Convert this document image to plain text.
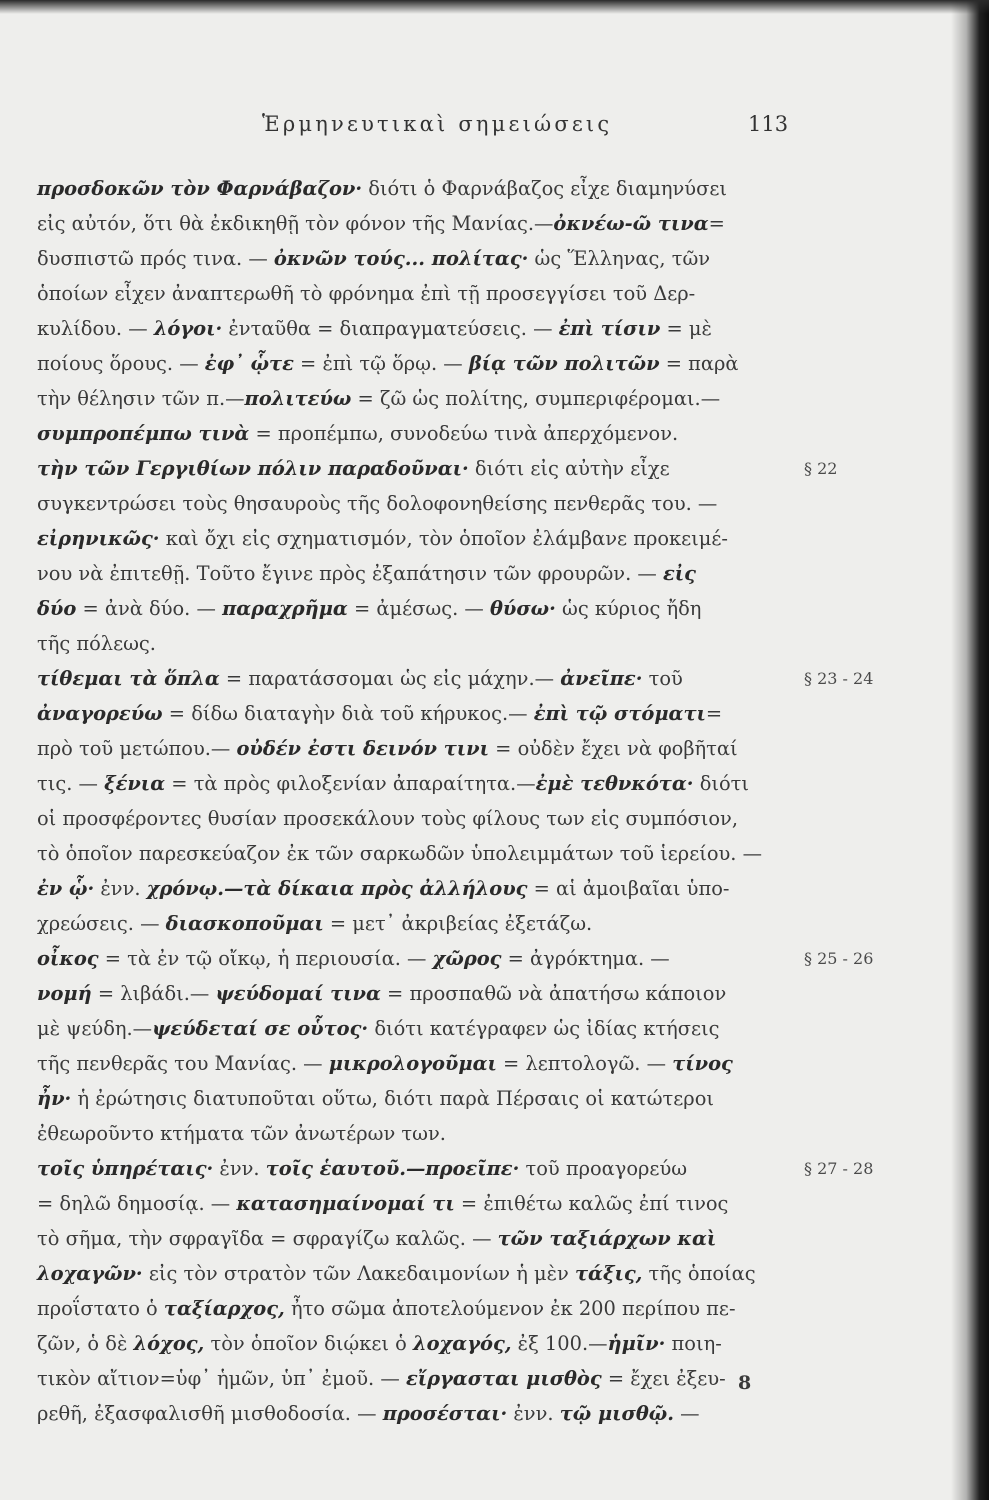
Ἑρμηνευτικαὶ σημειώσεις	113
προσδοκῶν τὸν Φαρνάβαζον· διότι ὁ Φαρνάβαζος εἶχε διαμηνύσει
εἰς αὐτόν, ὅτι θὰ ἐκδικηθῇ τὸν φόνον τῆς Μανίας.—ὀκνέω-ῶ τινα=
δυσπιστῶ πρός τινα. — ὀκνῶν τούς... πολίτας· ὡς Ἕλληνας, τῶν
ὁποίων εἶχεν ἀναπτερωθῆ τὸ φρόνημα ἐπὶ τῇ προσεγγίσει τοῦ Δερ-
κυλίδου. — λόγοι· ἐνταῦθα = διαπραγματεύσεις. — ἐπὶ τίσιν = μὲ
ποίους ὅρους. — ἐφ᾽ ᾧτε = ἐπὶ τῷ ὅρῳ. — βίᾳ τῶν πολιτῶν = παρὰ
τὴν θέλησιν τῶν π.—πολιτεύω = ζῶ ὡς πολίτης, συμπεριφέρομαι.—
συμπροπέμπω τινὰ = προπέμπω, συνοδεύω τινὰ ἀπερχόμενον.
τὴν τῶν Γεργιθίων πόλιν παραδοῦναι· διότι εἰς αὐτὴν εἶχε
συγκεντρώσει τοὺς θησαυροὺς τῆς δολοφονηθείσης πενθερᾶς του. —
εἰρηνικῶς· καὶ ὄχι εἰς σχηματισμόν, τὸν ὁποῖον ἐλάμβανε προκειμέ-
νου νὰ ἐπιτεθῇ. Τοῦτο ἔγινε πρὸς ἐξαπάτησιν τῶν φρουρῶν. — εἰς
δύο = ἀνὰ δύο. — παραχρῆμα = ἀμέσως. — θύσω· ὡς κύριος ἤδη
τῆς πόλεως.
τίθεμαι τὰ ὅπλα = παρατάσσομαι ὡς εἰς μάχην.— ἀνεῖπε· τοῦ
ἀναγορεύω = δίδω διαταγὴν διὰ τοῦ κήρυκος.— ἐπὶ τῷ στόματι=
πρὸ τοῦ μετώπου.— οὐδέν ἐστι δεινόν τινι = οὐδὲν ἔχει νὰ φοβῆταί
τις. — ξένια = τὰ πρὸς φιλοξενίαν ἀπαραίτητα.—ἐμὲ τεθνκότα· διότι
οἱ προσφέροντες θυσίαν προσεκάλουν τοὺς φίλους των εἰς συμπόσιον,
τὸ ὁποῖον παρεσκεύαζον ἐκ τῶν σαρκωδῶν ὑπολειμμάτων τοῦ ἱερείου. —
ἐν ᾧ· ἐνν. χρόνῳ.—τὰ δίκαια πρὸς ἀλλήλους = αἱ ἀμοιβαῖαι ὑπο-
χρεώσεις. — διασκοποῦμαι = μετ᾽ ἀκριβείας ἐξετάζω.
οἶκος = τὰ ἐν τῷ οἴκῳ, ἡ περιουσία. — χῶρος = ἀγρόκτημα. —
νομή = λιβάδι.— ψεύδομαί τινα = προσπαθῶ νὰ ἀπατήσω κάποιον
μὲ ψεύδη.—ψεύδεταί σε οὗτος· διότι κατέγραφεν ὡς ἰδίας κτήσεις
τῆς πενθερᾶς του Μανίας. — μικρολογοῦμαι = λεπτολογῶ. — τίνος
ἦν· ἡ ἐρώτησις διατυποῦται οὕτω, διότι παρὰ Πέρσαις οἱ κατώτεροι
ἐθεωροῦντο κτήματα τῶν ἀνωτέρων των.
τοῖς ὑπηρέταις· ἐνν. τοῖς ἑαυτοῦ.—προεῖπε· τοῦ προαγορεύω
= δηλῶ δημοσίᾳ. — κατασημαίνομαί τι = ἐπιθέτω καλῶς ἐπί τινος
τὸ σῆμα, τὴν σφραγῖδα = σφραγίζω καλῶς. — τῶν ταξιάρχων καὶ
λοχαγῶν· εἰς τὸν στρατὸν τῶν Λακεδαιμονίων ἡ μὲν τάξις, τῆς ὁποίας
προΐστατο ὁ ταξίαρχος, ἦτο σῶμα ἀποτελούμενον ἐκ 200 περίπου πε-
ζῶν, ὁ δὲ λόχος, τὸν ὁποῖον διῴκει ὁ λοχαγός, ἐξ 100.—ἡμῖν· ποιη-
τικὸν αἴτιον=ὑφ᾽ ἡμῶν, ὑπ᾽ ἐμοῦ. — εἴργασται μισθὸς = ἔχει ἐξευ-
ρεθῆ, ἐξασφαλισθῆ μισθοδοσία. — προσέσται· ἐνν. τῷ μισθῷ. —
8
§ 22
§ 23 - 24
§ 25 - 26
§ 27 - 28
